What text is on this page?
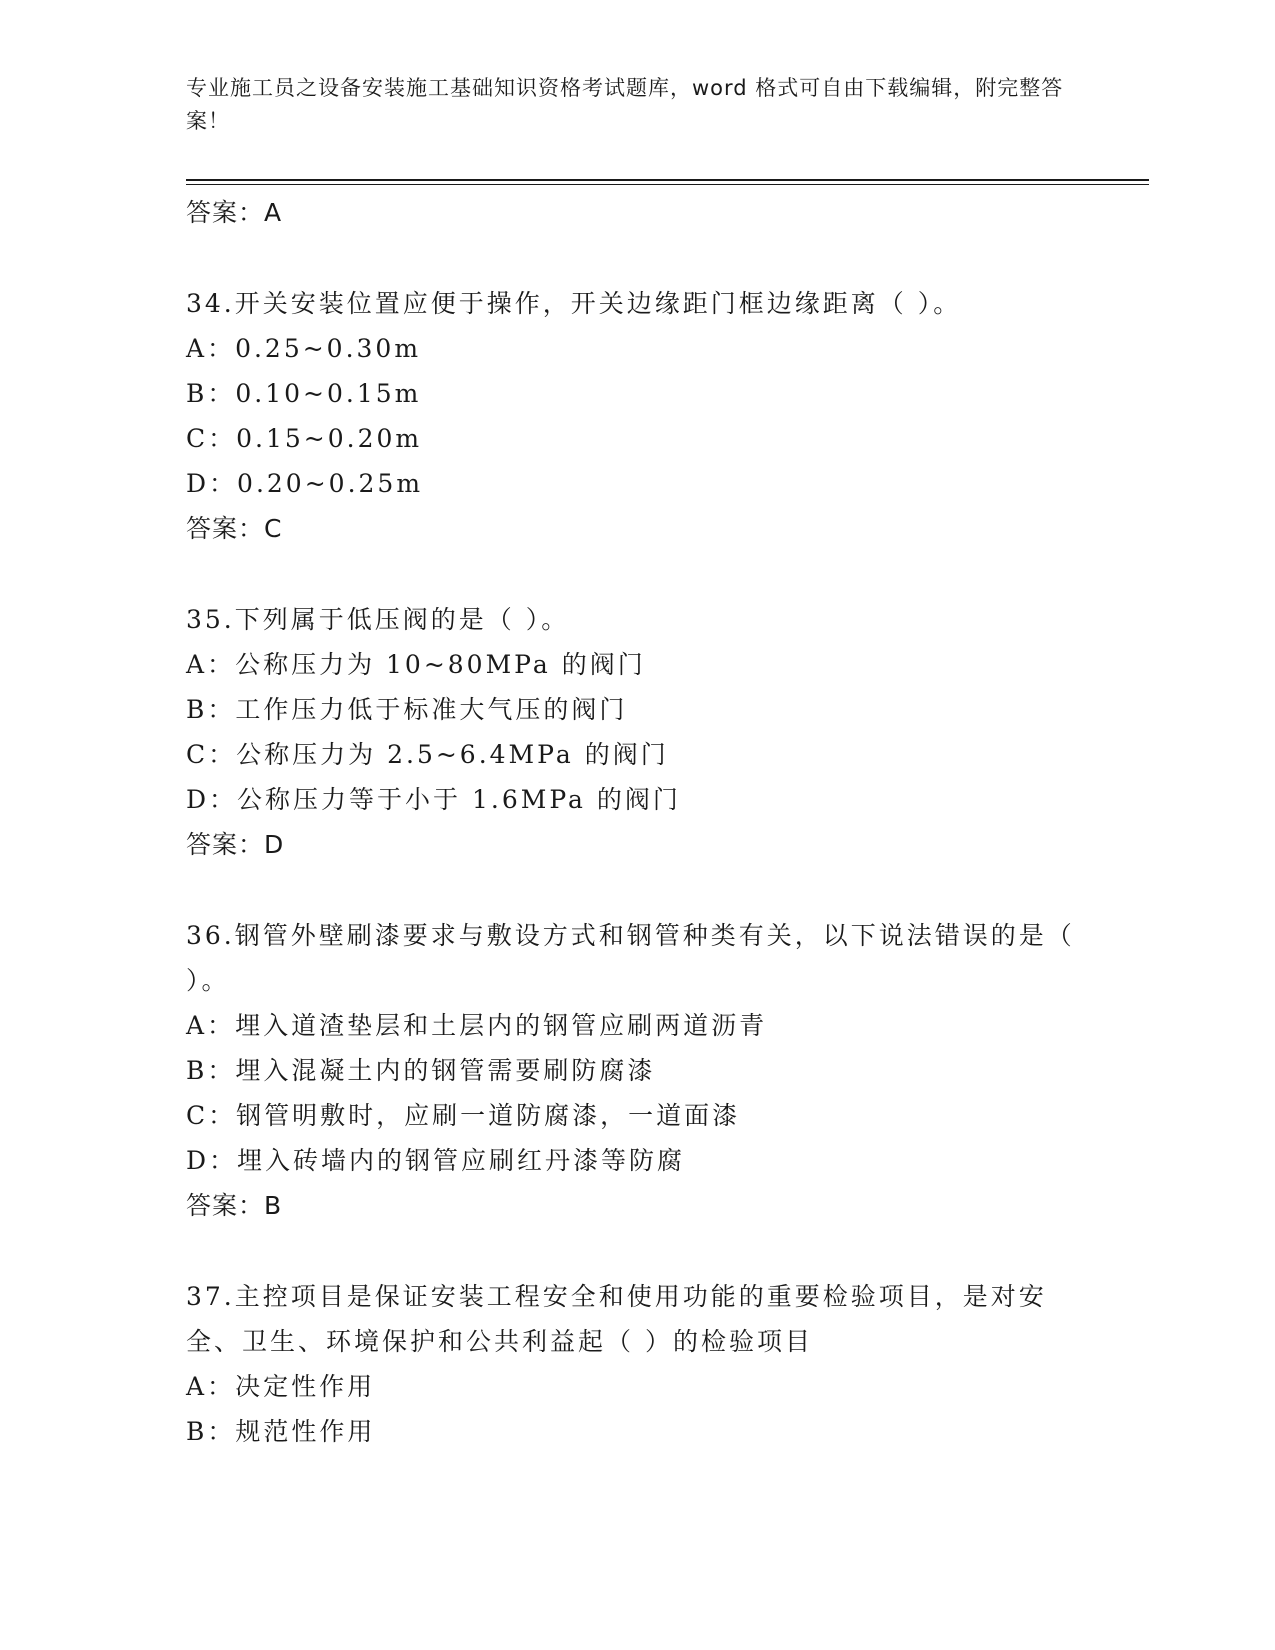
专业施工员之设备安装施工基础知识资格考试题库，word 格式可自由下载编辑，附完整答案！
答案：A
34.开关安装位置应便于操作，开关边缘距门框边缘距离（ ）。
A：0.25~0.30m
B：0.10~0.15m
C：0.15~0.20m
D：0.20~0.25m
答案：C
35.下列属于低压阀的是（ ）。
A：公称压力为 10~80MPa 的阀门
B：工作压力低于标准大气压的阀门
C：公称压力为 2.5~6.4MPa 的阀门
D：公称压力等于小于 1.6MPa 的阀门
答案：D
36.钢管外壁刷漆要求与敷设方式和钢管种类有关，以下说法错误的是（ ）。
A：埋入道渣垫层和土层内的钢管应刷两道沥青
B：埋入混凝土内的钢管需要刷防腐漆
C：钢管明敷时，应刷一道防腐漆，一道面漆
D：埋入砖墙内的钢管应刷红丹漆等防腐
答案：B
37.主控项目是保证安装工程安全和使用功能的重要检验项目，是对安全、卫生、环境保护和公共利益起（ ）的检验项目
A：决定性作用
B：规范性作用
